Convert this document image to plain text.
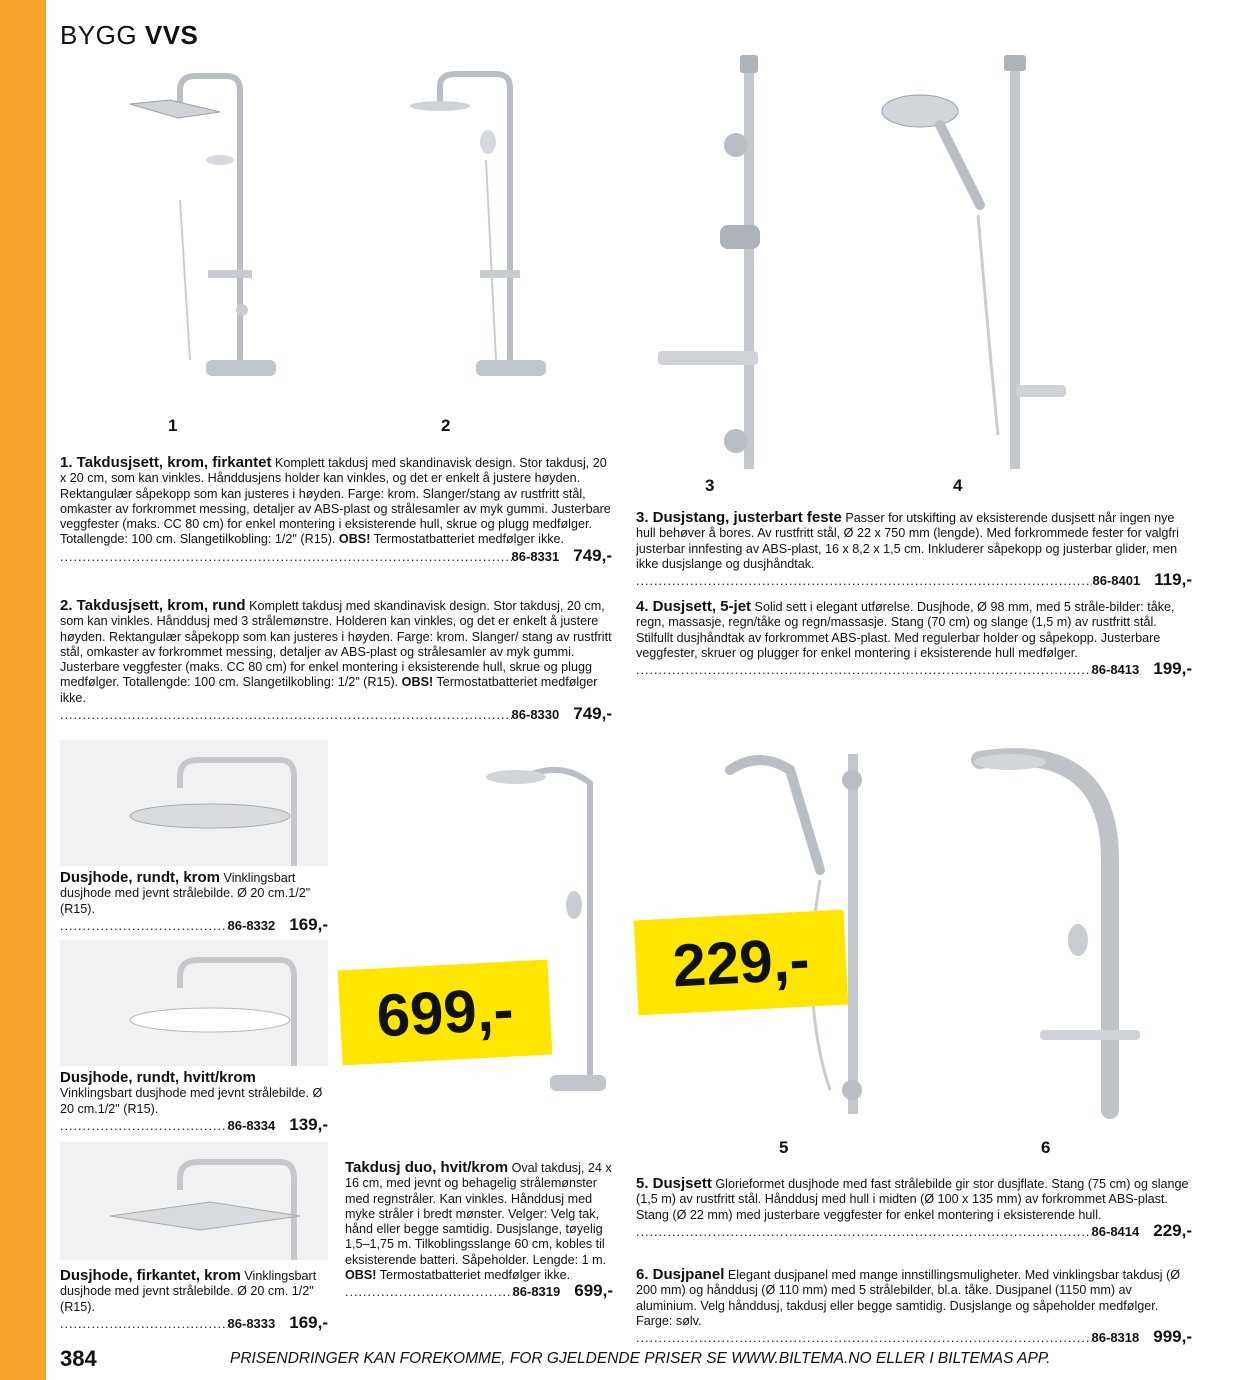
BYGG VVS
1	2
3	4
5	6
699,-
229,-
1. Takdusjsett, krom, firkantet Komplett takdusj med skandinavisk design. Stor takdusj, 20 x 20 cm, som kan vinkles. Hånddusjens holder kan vinkles, og det er enkelt å justere høyden. Rektangulær såpekopp som kan justeres i høyden. Farge: krom. Slanger/stang av rustfritt stål, omkaster av forkrommet messing, detaljer av ABS-plast og strålesamler av myk gummi. Justerbare veggfester (maks. CC 80 cm) for enkel montering i eksisterende hull, skrue og plugg medfølger. Totallengde: 100 cm. Slangetilkobling: 1/2" (R15). OBS! Termostatbatteriet medfølger ikke.
.....
86-8331 749,-
2. Takdusjsett, krom, rund Komplett takdusj med skandinavisk design. Stor takdusj, 20 cm, som kan vinkles. Hånddusj med 3 strålemønstre. Holderen kan vinkles, og det er enkelt å justere høyden. Rektangulær såpekopp som kan justeres i høyden. Farge: krom. Slanger/ stang av rustfritt stål, omkaster av forkrommet messing, detaljer av ABS-plast og strålesamler av myk gummi. Justerbare veggfester (maks. CC 80 cm) for enkel montering i eksisterende hull, skrue og plugg medfølger. Totallengde: 100 cm. Slangetilkobling: 1/2" (R15). OBS! Termostatbatteriet medfølger ikke.
.....
86-8330 749,-
3. Dusjstang, justerbart feste Passer for utskifting av eksisterende dusjsett når ingen nye hull behøver å bores. Av rustfritt stål, Ø 22 x 750 mm (lengde). Med forkrommede fester for valgfri justerbar innfesting av ABS-plast, 16 x 8,2 x 1,5 cm. Inkluderer såpekopp og justerbar glider, men ikke dusjslange og dusjhåndtak.
.....
86-8401 119,-
4. Dusjsett, 5-jet Solid sett i elegant utførelse. Dusjhode, Ø 98 mm, med 5 stråle-bilder: tåke, regn, massasje, regn/tåke og regn/massasje. Stang (70 cm) og slange (1,5 m) av rustfritt stål. Stilfullt dusjhåndtak av forkrommet ABS-plast. Med regulerbar holder og såpekopp. Justerbare veggfester, skruer og plugger for enkel montering i eksisterende hull medfølger.
.....
86-8413 199,-
Dusjhode, rundt, krom Vinklingsbart dusjhode med jevnt strålebilde. Ø 20 cm.1/2" (R15).
.....
86-8332 169,-
Dusjhode, rundt, hvitt/krom Vinklingsbart dusjhode med jevnt strålebilde. Ø 20 cm.1/2" (R15).
.....
86-8334 139,-
Dusjhode, firkantet, krom Vinklingsbart dusjhode med jevnt strålebilde. Ø 20 cm. 1/2" (R15).
.....
86-8333 169,-
Takdusj duo, hvit/krom Oval takdusj, 24 x 16 cm, med jevnt og behagelig strålemønster med regnstråler. Kan vinkles. Hånddusj med myke stråler i bredt mønster. Velger: Velg tak, hånd eller begge samtidig. Dusjslange, tøyelig 1,5–1,75 m. Tilkoblingsslange 60 cm, kobles til eksisterende batteri. Såpeholder. Lengde: 1 m. OBS! Termostatbatteriet medfølger ikke.
.....
86-8319 699,-
5. Dusjsett Glorieformet dusjhode med fast strålebilde gir stor dusjflate. Stang (75 cm) og slange (1,5 m) av rustfritt stål. Hånddusj med hull i midten (Ø 100 x 135 mm) av forkrommet ABS-plast. Stang (Ø 22 mm) med justerbare veggfester for enkel montering i eksisterende hull.
.....
86-8414 229,-
6. Dusjpanel Elegant dusjpanel med mange innstillingsmuligheter. Med vinklingsbar takdusj (Ø 200 mm) og hånddusj (Ø 110 mm) med 5 strålebilder, bl.a. tåke. Dusjpanel (1150 mm) av aluminium. Velg hånddusj, takdusj eller begge samtidig. Dusjslange og såpeholder medfølger. Farge: sølv.
.....
86-8318 999,-
384	PRISENDRINGER KAN FOREKOMME, FOR GJELDENDE PRISER SE WWW.BILTEMA.NO ELLER I BILTEMAS APP.
